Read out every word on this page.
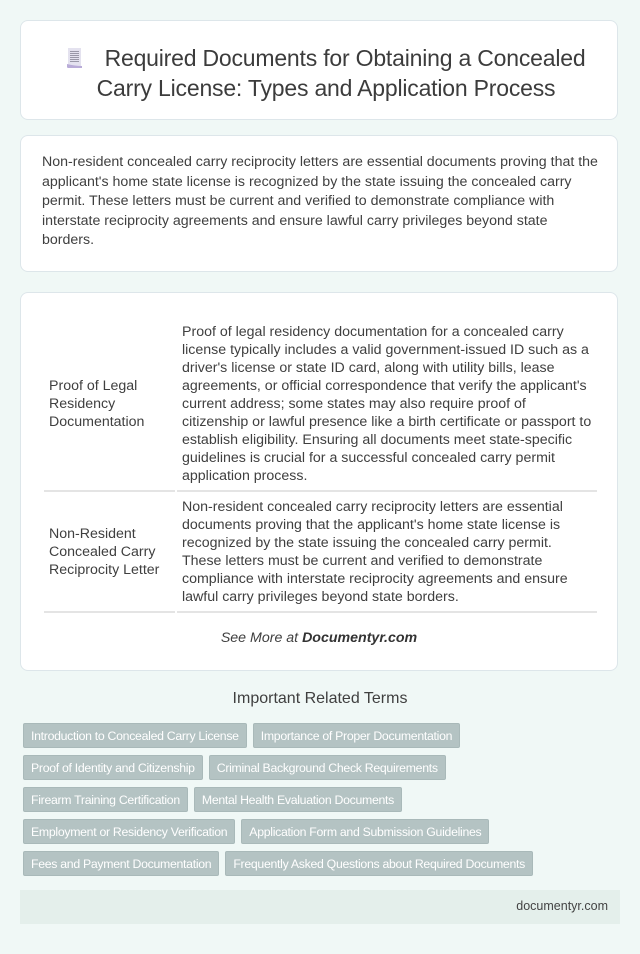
Required Documents for Obtaining a Concealed Carry License: Types and Application Process
Non-resident concealed carry reciprocity letters are essential documents proving that the applicant's home state license is recognized by the state issuing the concealed carry permit. These letters must be current and verified to demonstrate compliance with interstate reciprocity agreements and ensure lawful carry privileges beyond state borders.
Proof of Legal Residency Documentation	Proof of legal residency documentation for a concealed carry license typically includes a valid government-issued ID such as a driver's license or state ID card, along with utility bills, lease agreements, or official correspondence that verify the applicant's current address; some states may also require proof of citizenship or lawful presence like a birth certificate or passport to establish eligibility. Ensuring all documents meet state-specific guidelines is crucial for a successful concealed carry permit application process.
Non-Resident Concealed Carry Reciprocity Letter	Non-resident concealed carry reciprocity letters are essential documents proving that the applicant's home state license is recognized by the state issuing the concealed carry permit. These letters must be current and verified to demonstrate compliance with interstate reciprocity agreements and ensure lawful carry privileges beyond state borders.
See More at Documentyr.com
Important Related Terms
Introduction to Concealed Carry License	Importance of Proper Documentation
Proof of Identity and Citizenship	Criminal Background Check Requirements
Firearm Training Certification	Mental Health Evaluation Documents
Employment or Residency Verification	Application Form and Submission Guidelines
Fees and Payment Documentation	Frequently Asked Questions about Required Documents
documentyr.com
